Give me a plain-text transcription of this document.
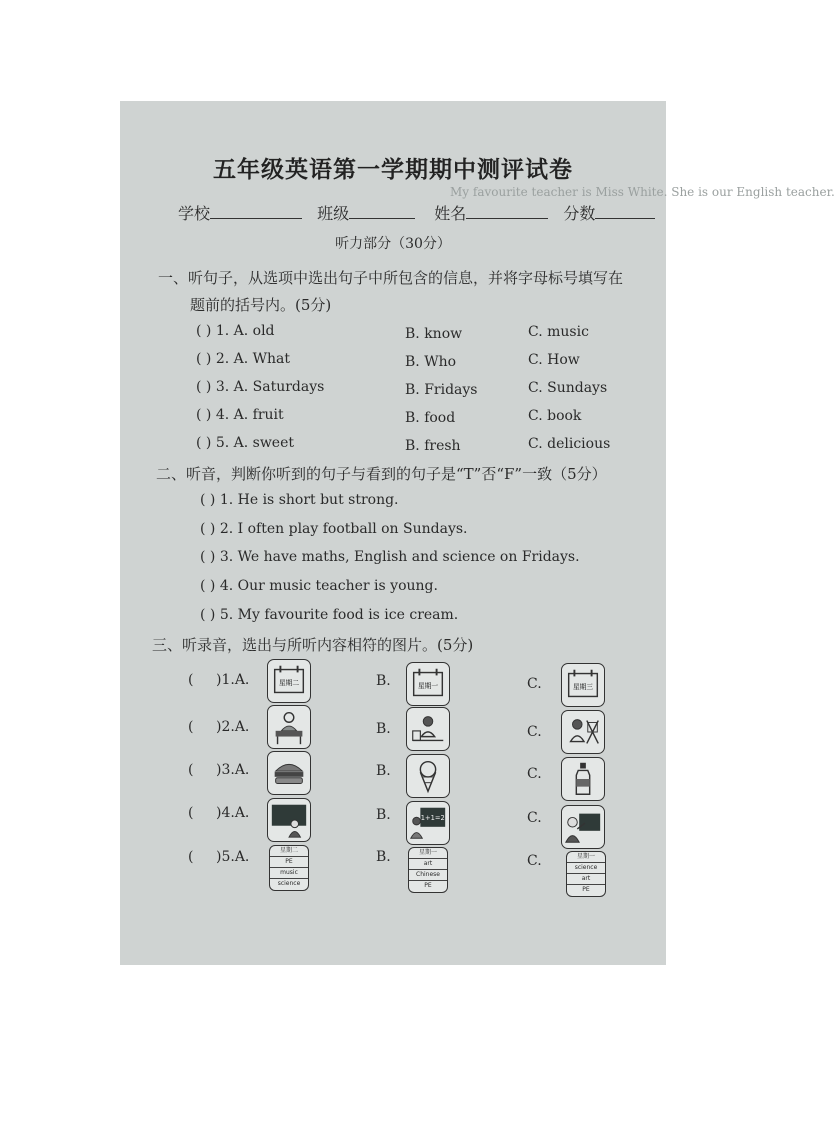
My favourite teacher is Miss White. She is our English teacher.
五年级英语第一学期期中测评试卷
学校	班级	姓名	分数
听力部分（30分）
一、听句子，从选项中选出句子中所包含的信息，并将字母标号填写在
题前的括号内。(5分)
( ) 1. A. old	B. know	C. music
( ) 2. A. What	B. Who	C. How
( ) 3. A. Saturdays	B. Fridays	C. Sundays
( ) 4. A. fruit	B. food	C. book
( ) 5. A. sweet	B. fresh	C. delicious
二、听音，判断你听到的句子与看到的句子是“T”否“F”一致（5分）
( ) 1. He is short but strong.
( ) 2. I often play football on Sundays.
( ) 3. We have maths, English and science on Fridays.
( ) 4. Our music teacher is young.
( ) 5. My favourite food is ice cream.
三、听录音，选出与所听内容相符的图片。(5分)
( )1.A.	B.	C.
( )2.A.	B.	C.
( )3.A.	B.	C.
( )4.A.	B.	C.
( )5.A.	B.	C.
星期二	星期一	星期三
1+1=2
星期二
PE
music
science
星期一
art
Chinese
PE
星期一
science
art
PE
